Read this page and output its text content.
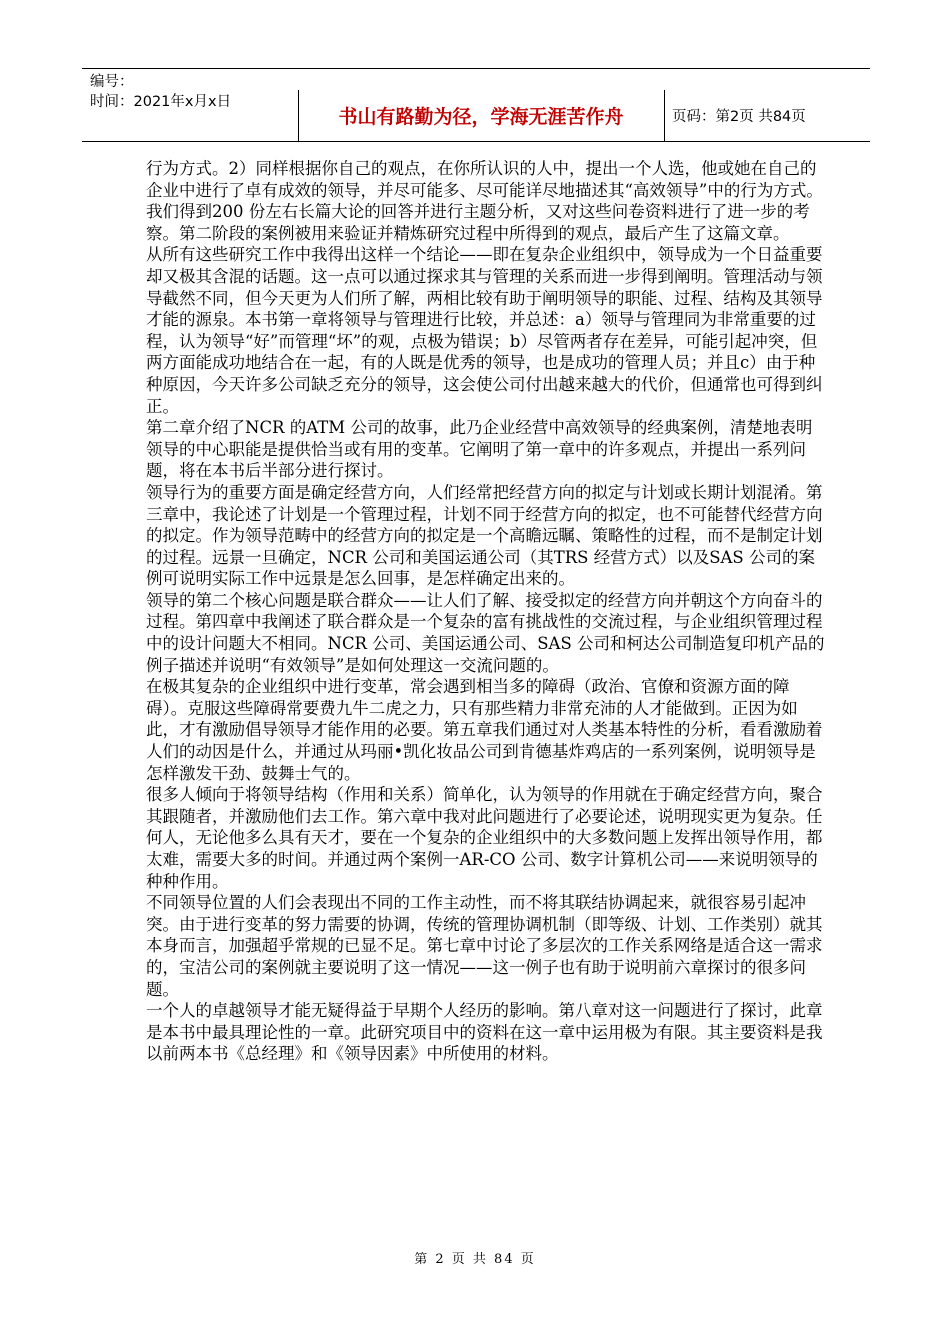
编号：
时间：2021年x月x日
书山有路勤为径，学海无涯苦作舟	页码：第2页 共84页

行为方式。2）同样根据你自己的观点，在你所认识的人中，提出一个人选，他或她在自己的企业中进行了卓有成效的领导，并尽可能多、尽可能详尽地描述其“高效领导”中的行为方式。我们得到200 份左右长篇大论的回答并进行主题分析，又对这些问卷资料进行了进一步的考察。第二阶段的案例被用来验证并精炼研究过程中所得到的观点，最后产生了这篇文章。

从所有这些研究工作中我得出这样一个结论——即在复杂企业组织中，领导成为一个日益重要却又极其含混的话题。这一点可以通过探求其与管理的关系而进一步得到阐明。管理活动与领导截然不同，但今天更为人们所了解，两相比较有助于阐明领导的职能、过程、结构及其领导才能的源泉。本书第一章将领导与管理进行比较，并总述：a）领导与管理同为非常重要的过程，认为领导“好”而管理“坏”的观，点极为错误；b）尽管两者存在差异，可能引起冲突，但两方面能成功地结合在一起，有的人既是优秀的领导，也是成功的管理人员；并且c）由于种种原因，今天许多公司缺乏充分的领导，这会使公司付出越来越大的代价，但通常也可得到纠正。

第二章介绍了NCR 的ATM 公司的故事，此乃企业经营中高效领导的经典案例，清楚地表明领导的中心职能是提供恰当或有用的变革。它阐明了第一章中的许多观点，并提出一系列问题，将在本书后半部分进行探讨。

领导行为的重要方面是确定经营方向，人们经常把经营方向的拟定与计划或长期计划混淆。第三章中，我论述了计划是一个管理过程，计划不同于经营方向的拟定，也不可能替代经营方向的拟定。作为领导范畴中的经营方向的拟定是一个高瞻远瞩、策略性的过程，而不是制定计划的过程。远景一旦确定，NCR 公司和美国运通公司（其TRS 经营方式）以及SAS 公司的案例可说明实际工作中远景是怎么回事，是怎样确定出来的。

领导的第二个核心问题是联合群众——让人们了解、接受拟定的经营方向并朝这个方向奋斗的过程。第四章中我阐述了联合群众是一个复杂的富有挑战性的交流过程，与企业组织管理过程中的设计问题大不相同。NCR 公司、美国运通公司、SAS 公司和柯达公司制造复印机产品的例子描述并说明“有效领导”是如何处理这一交流问题的。

在极其复杂的企业组织中进行变革，常会遇到相当多的障碍（政治、官僚和资源方面的障碍）。克服这些障碍常要费九牛二虎之力，只有那些精力非常充沛的人才能做到。正因为如此，才有激励倡导领导才能作用的必要。第五章我们通过对人类基本特性的分析，看看激励着人们的动因是什么，并通过从玛丽•凯化妆品公司到肯德基炸鸡店的一系列案例，说明领导是怎样激发干劲、鼓舞士气的。

很多人倾向于将领导结构（作用和关系）简单化，认为领导的作用就在于确定经营方向，聚合其跟随者，并激励他们去工作。第六章中我对此问题进行了必要论述，说明现实更为复杂。任何人，无论他多么具有天才，要在一个复杂的企业组织中的大多数问题上发挥出领导作用，都太难，需要大多的时间。并通过两个案例一AR-CO 公司、数字计算机公司——来说明领导的种种作用。

不同领导位置的人们会表现出不同的工作主动性，而不将其联结协调起来，就很容易引起冲突。由于进行变革的努力需要的协调，传统的管理协调机制（即等级、计划、工作类别）就其本身而言，加强超乎常规的已显不足。第七章中讨论了多层次的工作关系网络是适合这一需求的，宝洁公司的案例就主要说明了这一情况——这一例子也有助于说明前六章探讨的很多问题。

一个人的卓越领导才能无疑得益于早期个人经历的影响。第八章对这一问题进行了探讨，此章是本书中最具理论性的一章。此研究项目中的资料在这一章中运用极为有限。其主要资料是我以前两本书《总经理》和《领导因素》中所使用的材料。

第 2 页 共 84 页
